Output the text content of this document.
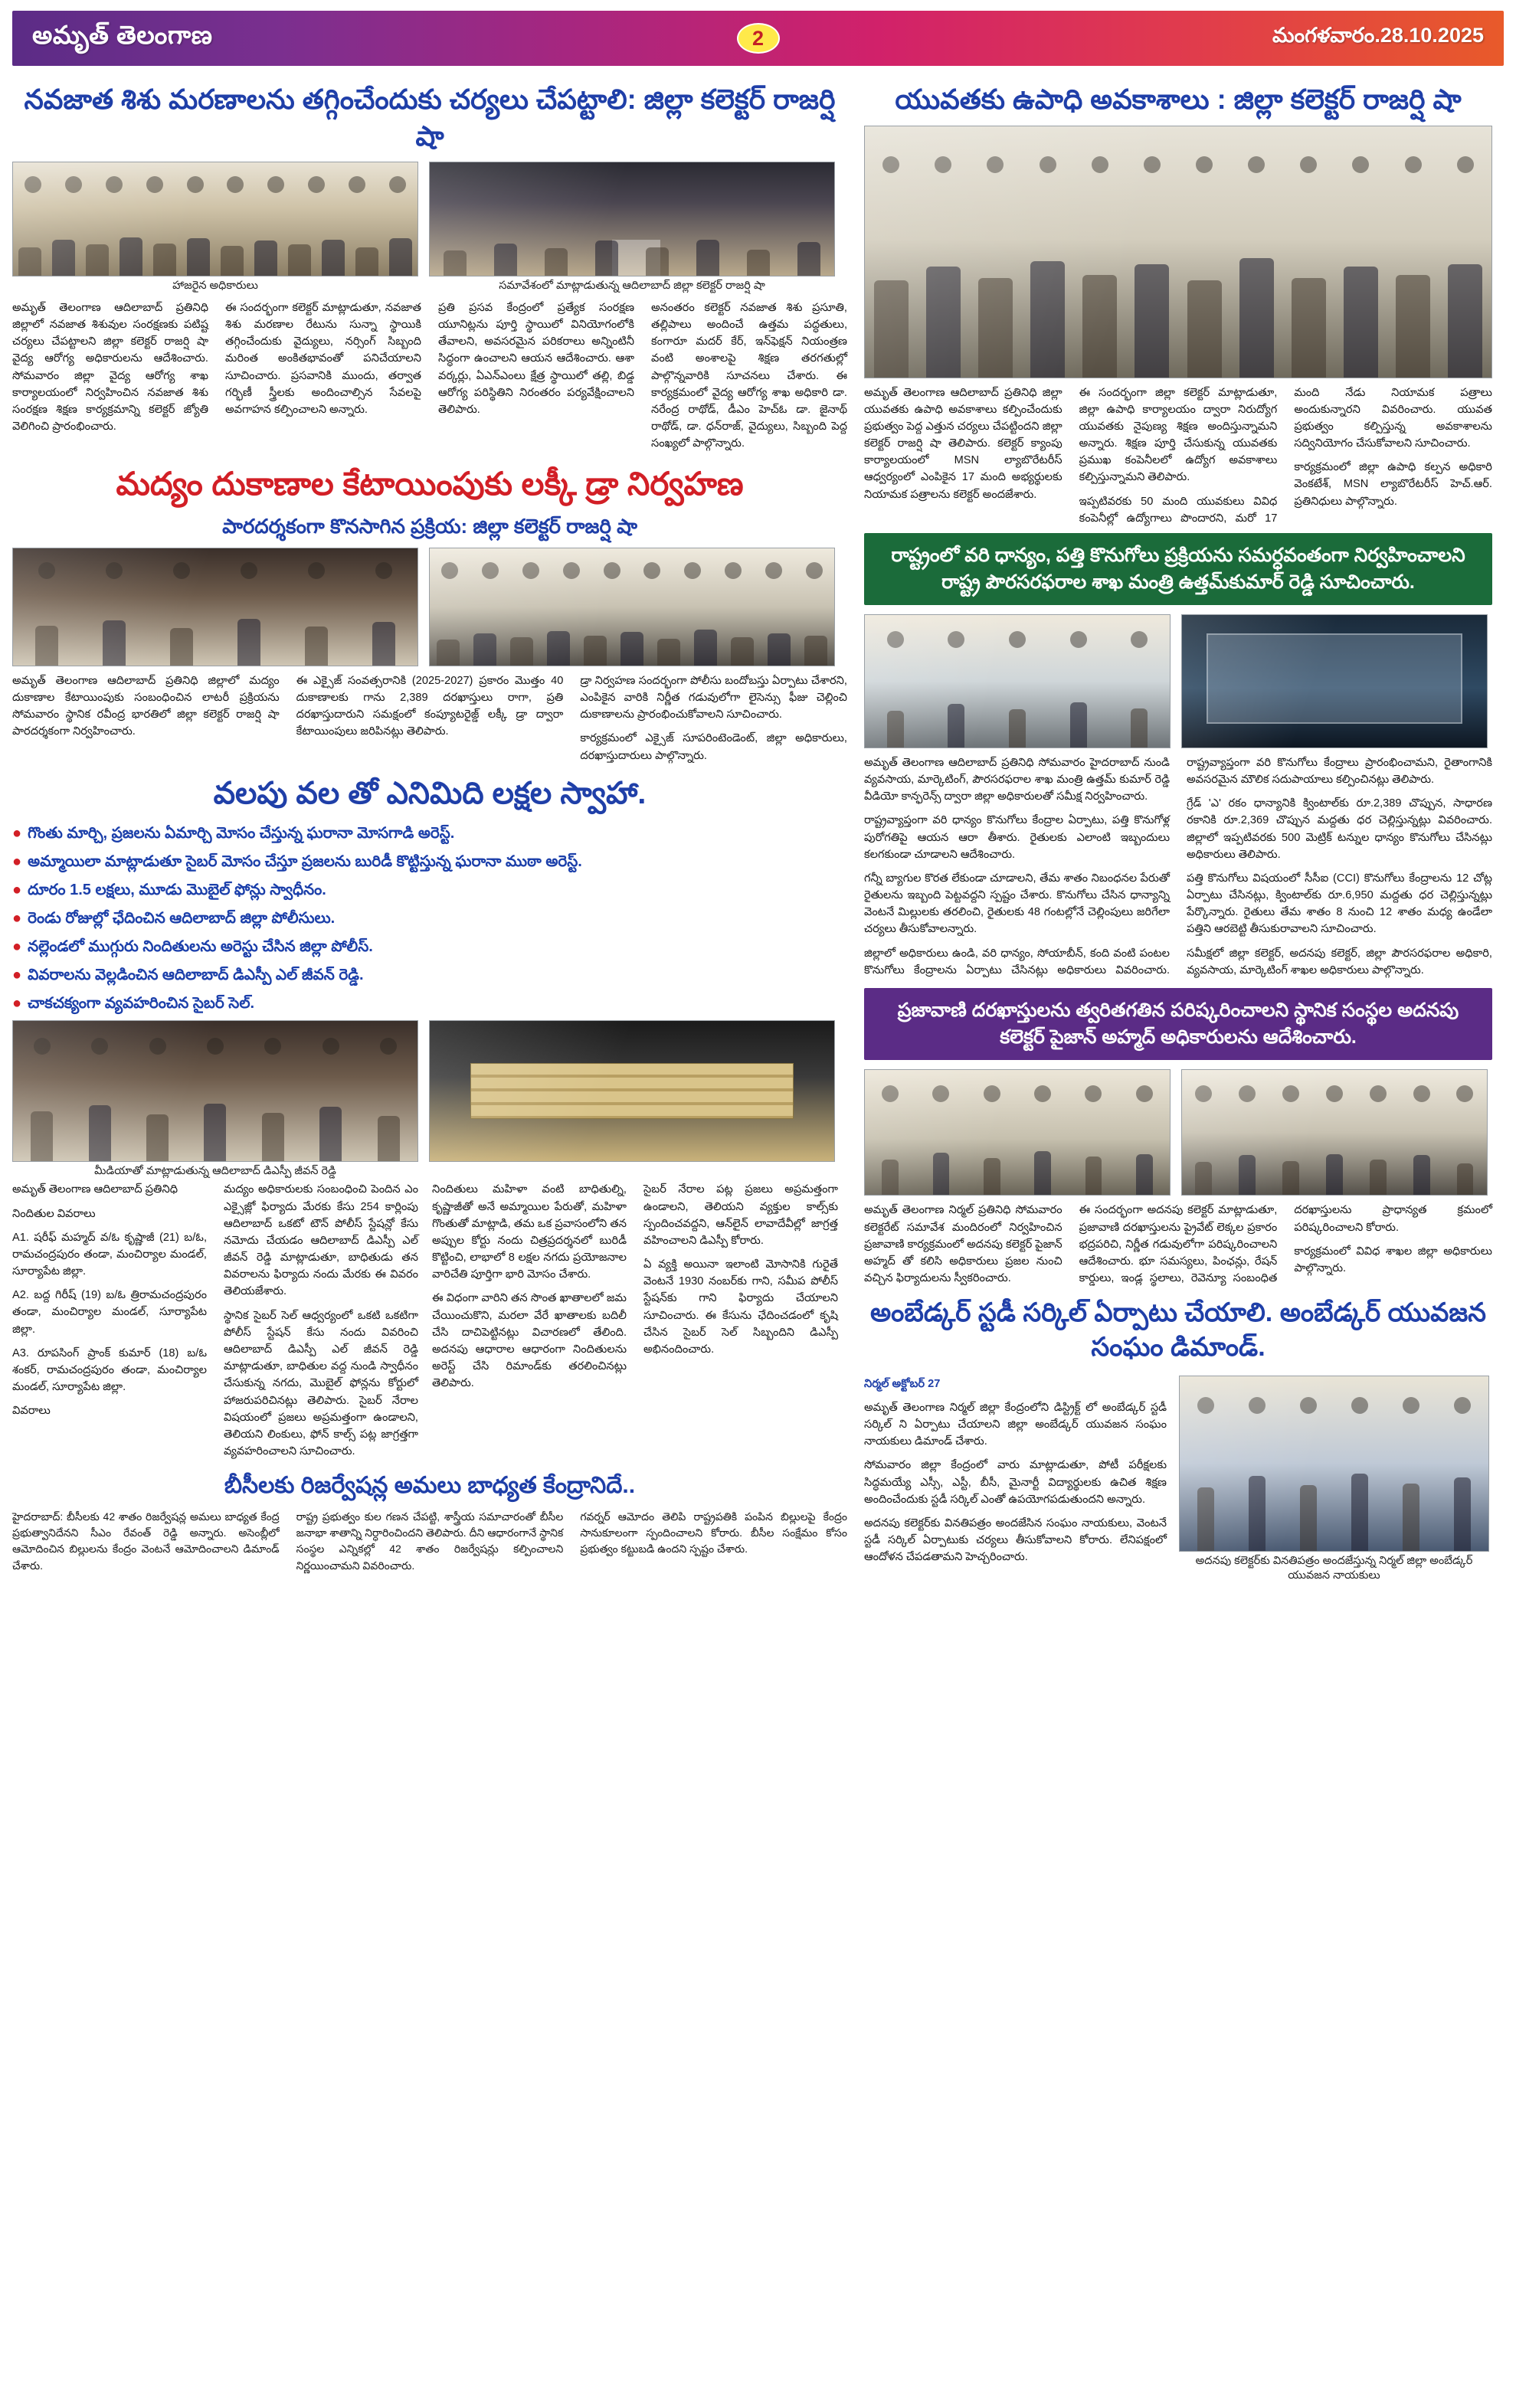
అమృత్ తెలంగాణ	2	మంగళవారం.28.10.2025
నవజాత శిశు మరణాలను తగ్గించేందుకు చర్యలు చేపట్టాలి: జిల్లా కలెక్టర్ రాజర్షి షా
హాజరైన అధికారులు	సమావేశంలో మాట్లాడుతున్న ఆదిలాబాద్ జిల్లా కలెక్టర్ రాజర్షి షా

అమృత్ తెలంగాణ ఆదిలాబాద్ ప్రతినిధి జిల్లాలో నవజాత శిశువుల సంరక్షణకు పటిష్ట చర్యలు చేపట్టాలని జిల్లా కలెక్టర్ రాజర్షి షా వైద్య ఆరోగ్య అధికారులను ఆదేశించారు. సోమవారం జిల్లా వైద్య ఆరోగ్య శాఖ కార్యాలయంలో నిర్వహించిన నవజాత శిశు సంరక్షణ శిక్షణ కార్యక్రమాన్ని కలెక్టర్ జ్యోతి వెలిగించి ప్రారంభించారు.

ఈ సందర్భంగా కలెక్టర్ మాట్లాడుతూ, నవజాత శిశు మరణాల రేటును సున్నా స్థాయికి తగ్గించేందుకు వైద్యులు, నర్సింగ్ సిబ్బంది మరింత అంకితభావంతో పనిచేయాలని సూచించారు. ప్రసవానికి ముందు, తర్వాత గర్భిణీ స్త్రీలకు అందించాల్సిన సేవలపై అవగాహన కల్పించాలని అన్నారు.

ప్రతి ప్రసవ కేంద్రంలో ప్రత్యేక సంరక్షణ యూనిట్లను పూర్తి స్థాయిలో వినియోగంలోకి తేవాలని, అవసరమైన పరికరాలు అన్నింటినీ సిద్ధంగా ఉంచాలని ఆయన ఆదేశించారు. ఆశా వర్కర్లు, ఏఎన్ఎంలు క్షేత్ర స్థాయిలో తల్లి, బిడ్డ ఆరోగ్య పరిస్థితిని నిరంతరం పర్యవేక్షించాలని తెలిపారు.

అనంతరం కలెక్టర్ నవజాత శిశు ప్రసూతి, తల్లిపాలు అందించే ఉత్తమ పద్ధతులు, కంగారూ మదర్ కేర్, ఇన్‌ఫెక్షన్ నియంత్రణ వంటి అంశాలపై శిక్షణ తరగతుల్లో పాల్గొన్నవారికి సూచనలు చేశారు. ఈ కార్యక్రమంలో వైద్య ఆరోగ్య శాఖ అధికారి డా. నరేంద్ర రాథోడ్, డీఎం హెచ్ఓ డా. జైనాథ్ రాథోడ్, డా. ధన్‌రాజ్, వైద్యులు, సిబ్బంది పెద్ద సంఖ్యలో పాల్గొన్నారు.

మద్యం దుకాణాల కేటాయింపుకు లక్కీ డ్రా నిర్వహణ
పారదర్శకంగా కొనసాగిన ప్రక్రియ: జిల్లా కలెక్టర్ రాజర్షి షా

అమృత్ తెలంగాణ ఆదిలాబాద్ ప్రతినిధి జిల్లాలో మద్యం దుకాణాల కేటాయింపుకు సంబంధించిన లాటరీ ప్రక్రియను సోమవారం స్థానిక రవీంద్ర భారతిలో జిల్లా కలెక్టర్ రాజర్షి షా పారదర్శకంగా నిర్వహించారు.

ఈ ఎక్సైజ్ సంవత్సరానికి (2025-2027) ప్రకారం మొత్తం 40 దుకాణాలకు గాను 2,389 దరఖాస్తులు రాగా, ప్రతి దరఖాస్తుదారుని సమక్షంలో కంప్యూటరైజ్డ్ లక్కీ డ్రా ద్వారా కేటాయింపులు జరిపినట్లు తెలిపారు.

డ్రా నిర్వహణ సందర్భంగా పోలీసు బందోబస్తు ఏర్పాటు చేశారని, ఎంపికైన వారికి నిర్ణీత గడువులోగా లైసెన్సు ఫీజు చెల్లించి దుకాణాలను ప్రారంభించుకోవాలని సూచించారు.

కార్యక్రమంలో ఎక్సైజ్ సూపరింటెండెంట్, జిల్లా అధికారులు, దరఖాస్తుదారులు పాల్గొన్నారు.

వలపు వల తో ఎనిమిది లక్షల స్వాహా.
● గొంతు మార్చి, ప్రజలను ఏమార్చి మోసం చేస్తున్న ఘరానా మోసగాడి అరెస్ట్.
● అమ్మాయిలా మాట్లాడుతూ సైబర్ మోసం చేస్తూ ప్రజలను బురిడీ కొట్టిస్తున్న ఘరానా ముఠా అరెస్ట్.
● దూరం 1.5 లక్షలు, మూడు మొబైల్ ఫోన్లు స్వాధీనం.
● రెండు రోజుల్లో ఛేదించిన ఆదిలాబాద్ జిల్లా పోలీసులు.
● నల్లెండలో ముగ్గురు నిందితులను అరెస్టు చేసిన జిల్లా పోలీస్.
● వివరాలను వెల్లడించిన ఆదిలాబాద్ డిఎస్పీ ఎల్ జీవన్ రెడ్డి.
● చాకచక్యంగా వ్యవహరించిన సైబర్ సెల్.
మీడియాతో మాట్లాడుతున్న ఆదిలాబాద్ డిఎస్పీ జీవన్ రెడ్డి

అమృత్ తెలంగాణ ఆదిలాబాద్ ప్రతినిధి

నిందితుల వివరాలు

A1. షరీఫ్ మహ్మద్ వ/ఓ కృష్ణాజీ (21) బ/ఓ, రామచంద్రపురం తండా, మంచిర్యాల మండల్, సూర్యాపేట జిల్లా.

A2. బద్ద గిరీష్ (19) బ/ఓ త్రిరామచంద్రపురం తండా, మంచిర్యాల మండల్, సూర్యాపేట జిల్లా.

A3. రూపసింగ్ ప్రాంక్ కుమార్ (18) బ/ఓ శంకర్, రామచంద్రపురం తండా, మంచిర్యాల మండల్, సూర్యాపేట జిల్లా.

వివరాలు

మద్యం అధికారులకు సంబంధించి పెందిన ఎం ఎక్సైజ్లో ఫిర్యాదు మేరకు కేసు 254 కార్లింపు ఆదిలాబాద్ ఒకటో టౌన్ పోలీస్ స్టేషన్లో కేసు నమోదు చేయడం ఆదిలాబాద్ డిఎస్పీ ఎల్ జీవన్ రెడ్డి మాట్లాడుతూ, బాధితుడు తన వివరాలను ఫిర్యాదు నందు మేరకు ఈ వివరం తెలియజేశారు.

స్థానిక సైబర్ సెల్ ఆధ్వర్యంలో ఒకటి ఒకటిగా పోలీస్ స్టేషన్ కేసు నందు వివరించి ఆదిలాబాద్ డిఎస్పీ ఎల్ జీవన్ రెడ్డి మాట్లాడుతూ, బాధితుల వద్ద నుండి స్వాధీనం చేసుకున్న నగదు, మొబైల్ ఫోన్లను కోర్టులో హాజరుపరిచినట్లు తెలిపారు. సైబర్ నేరాల విషయంలో ప్రజలు అప్రమత్తంగా ఉండాలని, తెలియని లింకులు, ఫోన్ కాల్స్ పట్ల జాగ్రత్తగా వ్యవహరించాలని సూచించారు.

నిందితులు మహిళా వంటి బాధితుల్ని, కృష్ణాజీతో అనే అమ్మాయిల పేరుతో, మహిళా గొంతుతో మాట్లాడి, తమ ఒక ప్రవాసంలోని తన అప్పుల కోర్టు నందు చిత్రప్రదర్శనలో బురిడీ కొట్టించి, లాభాలో 8 లక్షల నగదు ప్రయోజనాల వారిచేతి పూర్తిగా భారి మోసం చేశారు.

ఈ విధంగా వారిని తన సొంత ఖాతాలలో జమ చేయించుకొని, మరలా వేరే ఖాతాలకు బదిలీ చేసి దాచిపెట్టినట్లు విచారణలో తేలింది. అదనపు ఆధారాల ఆధారంగా నిందితులను అరెస్ట్ చేసి రిమాండ్‌కు తరలించినట్లు తెలిపారు.

సైబర్ నేరాల పట్ల ప్రజలు అప్రమత్తంగా ఉండాలని, తెలియని వ్యక్తుల కాల్స్‌కు స్పందించవద్దని, ఆన్‌లైన్ లావాదేవీల్లో జాగ్రత్త వహించాలని డిఎస్పీ కోరారు.

ఏ వ్యక్తి అయినా ఇలాంటి మోసానికి గురైతే వెంటనే 1930 నంబర్‌కు గాని, సమీప పోలీస్ స్టేషన్‌కు గాని ఫిర్యాదు చేయాలని సూచించారు. ఈ కేసును ఛేదించడంలో కృషి చేసిన సైబర్ సెల్ సిబ్బందిని డిఎస్పీ అభినందించారు.

బీసీలకు రిజర్వేషన్ల అమలు బాధ్యత కేంద్రానిదే..

హైదరాబాద్: బీసీలకు 42 శాతం రిజర్వేషన్ల అమలు బాధ్యత కేంద్ర ప్రభుత్వానిదేనని సీఎం రేవంత్ రెడ్డి అన్నారు. అసెంబ్లీలో ఆమోదించిన బిల్లులను కేంద్రం వెంటనే ఆమోదించాలని డిమాండ్ చేశారు.

రాష్ట్ర ప్రభుత్వం కుల గణన చేపట్టి, శాస్త్రీయ సమాచారంతో బీసీల జనాభా శాతాన్ని నిర్ధారించిందని తెలిపారు. దీని ఆధారంగానే స్థానిక సంస్థల ఎన్నికల్లో 42 శాతం రిజర్వేషన్లు కల్పించాలని నిర్ణయించామని వివరించారు.

గవర్నర్ ఆమోదం తెలిపి రాష్ట్రపతికి పంపిన బిల్లులపై కేంద్రం సానుకూలంగా స్పందించాలని కోరారు. బీసీల సంక్షేమం కోసం ప్రభుత్వం కట్టుబడి ఉందని స్పష్టం చేశారు.

యువతకు ఉపాధి అవకాశాలు : జిల్లా కలెక్టర్ రాజర్షి షా

అమృత్ తెలంగాణ ఆదిలాబాద్ ప్రతినిధి జిల్లా యువతకు ఉపాధి అవకాశాలు కల్పించేందుకు ప్రభుత్వం పెద్ద ఎత్తున చర్యలు చేపట్టిందని జిల్లా కలెక్టర్ రాజర్షి షా తెలిపారు. కలెక్టర్ క్యాంపు కార్యాలయంలో MSN ల్యాబొరేటరీస్ ఆధ్వర్యంలో ఎంపికైన 17 మంది అభ్యర్థులకు నియామక పత్రాలను కలెక్టర్ అందజేశారు.

ఈ సందర్భంగా జిల్లా కలెక్టర్ మాట్లాడుతూ, జిల్లా ఉపాధి కార్యాలయం ద్వారా నిరుద్యోగ యువతకు నైపుణ్య శిక్షణ అందిస్తున్నామని అన్నారు. శిక్షణ పూర్తి చేసుకున్న యువతకు ప్రముఖ కంపెనీలలో ఉద్యోగ అవకాశాలు కల్పిస్తున్నామని తెలిపారు.

ఇప్పటివరకు 50 మంది యువకులు వివిధ కంపెనీల్లో ఉద్యోగాలు పొందారని, మరో 17 మంది నేడు నియామక పత్రాలు అందుకున్నారని వివరించారు. యువత ప్రభుత్వం కల్పిస్తున్న అవకాశాలను సద్వినియోగం చేసుకోవాలని సూచించారు.

కార్యక్రమంలో జిల్లా ఉపాధి కల్పన అధికారి వెంకటేశ్, MSN ల్యాబొరేటరీస్ హెచ్.ఆర్. ప్రతినిధులు పాల్గొన్నారు.

రాష్ట్రంలో వరి ధాన్యం, పత్తి కొనుగోలు ప్రక్రియను సమర్ధవంతంగా నిర్వహించాలని రాష్ట్ర పౌరసరఫరాల శాఖ మంత్రి ఉత్తమ్‌కుమార్ రెడ్డి సూచించారు.

అమృత్ తెలంగాణ ఆదిలాబాద్ ప్రతినిధి సోమవారం హైదరాబాద్ నుండి వ్యవసాయ, మార్కెటింగ్, పౌరసరఫరాల శాఖ మంత్రి ఉత్తమ్ కుమార్ రెడ్డి వీడియో కాన్ఫరెన్స్ ద్వారా జిల్లా అధికారులతో సమీక్ష నిర్వహించారు.

రాష్ట్రవ్యాప్తంగా వరి ధాన్యం కొనుగోలు కేంద్రాల ఏర్పాటు, పత్తి కొనుగోళ్ల పురోగతిపై ఆయన ఆరా తీశారు. రైతులకు ఎలాంటి ఇబ్బందులు కలగకుండా చూడాలని ఆదేశించారు.

గన్నీ బ్యాగుల కొరత లేకుండా చూడాలని, తేమ శాతం నిబంధనల పేరుతో రైతులను ఇబ్బంది పెట్టవద్దని స్పష్టం చేశారు. కొనుగోలు చేసిన ధాన్యాన్ని వెంటనే మిల్లులకు తరలించి, రైతులకు 48 గంటల్లోనే చెల్లింపులు జరిగేలా చర్యలు తీసుకోవాలన్నారు.

జిల్లాలో అధికారులు ఉండి, వరి ధాన్యం, సోయాబీన్, కంది వంటి పంటల కొనుగోలు కేంద్రాలను ఏర్పాటు చేసినట్లు అధికారులు వివరించారు. రాష్ట్రవ్యాప్తంగా వరి కొనుగోలు కేంద్రాలు ప్రారంభించామని, రైతాంగానికి అవసరమైన మౌలిక సదుపాయాలు కల్పించినట్లు తెలిపారు.

గ్రేడ్ 'ఎ' రకం ధాన్యానికి క్వింటాల్‌కు రూ.2,389 చొప్పున, సాధారణ రకానికి రూ.2,369 చొప్పున మద్దతు ధర చెల్లిస్తున్నట్లు వివరించారు. జిల్లాలో ఇప్పటివరకు 500 మెట్రిక్ టన్నుల ధాన్యం కొనుగోలు చేసినట్లు అధికారులు తెలిపారు.

పత్తి కొనుగోలు విషయంలో సీసీఐ (CCI) కొనుగోలు కేంద్రాలను 12 చోట్ల ఏర్పాటు చేసినట్లు, క్వింటాల్‌కు రూ.6,950 మద్దతు ధర చెల్లిస్తున్నట్లు పేర్కొన్నారు. రైతులు తేమ శాతం 8 నుంచి 12 శాతం మధ్య ఉండేలా పత్తిని ఆరబెట్టి తీసుకురావాలని సూచించారు.

సమీక్షలో జిల్లా కలెక్టర్, అదనపు కలెక్టర్, జిల్లా పౌరసరఫరాల అధికారి, వ్యవసాయ, మార్కెటింగ్ శాఖల అధికారులు పాల్గొన్నారు.

ప్రజావాణి దరఖాస్తులను త్వరితగతిన పరిష్కరించాలని స్థానిక సంస్థల అదనపు కలెక్టర్ పైజాన్ అహ్మద్ అధికారులను ఆదేశించారు.

అమృత్ తెలంగాణ నిర్మల్ ప్రతినిధి సోమవారం కలెక్టరేట్ సమావేశ మందిరంలో నిర్వహించిన ప్రజావాణి కార్యక్రమంలో అదనపు కలెక్టర్ పైజాన్ అహ్మద్ తో కలిసి అధికారులు ప్రజల నుంచి వచ్చిన ఫిర్యాదులను స్వీకరించారు.

ఈ సందర్భంగా అదనపు కలెక్టర్ మాట్లాడుతూ, ప్రజావాణి దరఖాస్తులను ప్రైవేట్ లెక్కల ప్రకారం భద్రపరిచి, నిర్ణీత గడువులోగా పరిష్కరించాలని ఆదేశించారు. భూ సమస్యలు, పింఛన్లు, రేషన్ కార్డులు, ఇండ్ల స్థలాలు, రెవెన్యూ సంబంధిత దరఖాస్తులను ప్రాధాన్యత క్రమంలో పరిష్కరించాలని కోరారు.

కార్యక్రమంలో వివిధ శాఖల జిల్లా అధికారులు పాల్గొన్నారు.

అంబేడ్కర్ స్టడీ సర్కిల్ ఏర్పాటు చేయాలి. అంబేడ్కర్ యువజన సంఘం డిమాండ్.

నిర్మల్ అక్టోబర్ 27

అమృత్ తెలంగాణ నిర్మల్ జిల్లా కేంద్రంలోని డిస్ట్రిక్ట్ లో అంబేడ్కర్ స్టడీ సర్కిల్ ని ఏర్పాటు చేయాలని జిల్లా అంబేడ్కర్ యువజన సంఘం నాయకులు డిమాండ్ చేశారు.

సోమవారం జిల్లా కేంద్రంలో వారు మాట్లాడుతూ, పోటీ పరీక్షలకు సిద్ధమయ్యే ఎస్సీ, ఎస్టీ, బీసీ, మైనార్టీ విద్యార్థులకు ఉచిత శిక్షణ అందించేందుకు స్టడీ సర్కిల్ ఎంతో ఉపయోగపడుతుందని అన్నారు.

అదనపు కలెక్టర్‌కు వినతిపత్రం అందజేసిన సంఘం నాయకులు, వెంటనే స్టడీ సర్కిల్ ఏర్పాటుకు చర్యలు తీసుకోవాలని కోరారు. లేనిపక్షంలో ఆందోళన చేపడతామని హెచ్చరించారు.	అదనపు కలెక్టర్‌కు వినతిపత్రం అందజేస్తున్న నిర్మల్ జిల్లా అంబేడ్కర్ యువజన నాయకులు
